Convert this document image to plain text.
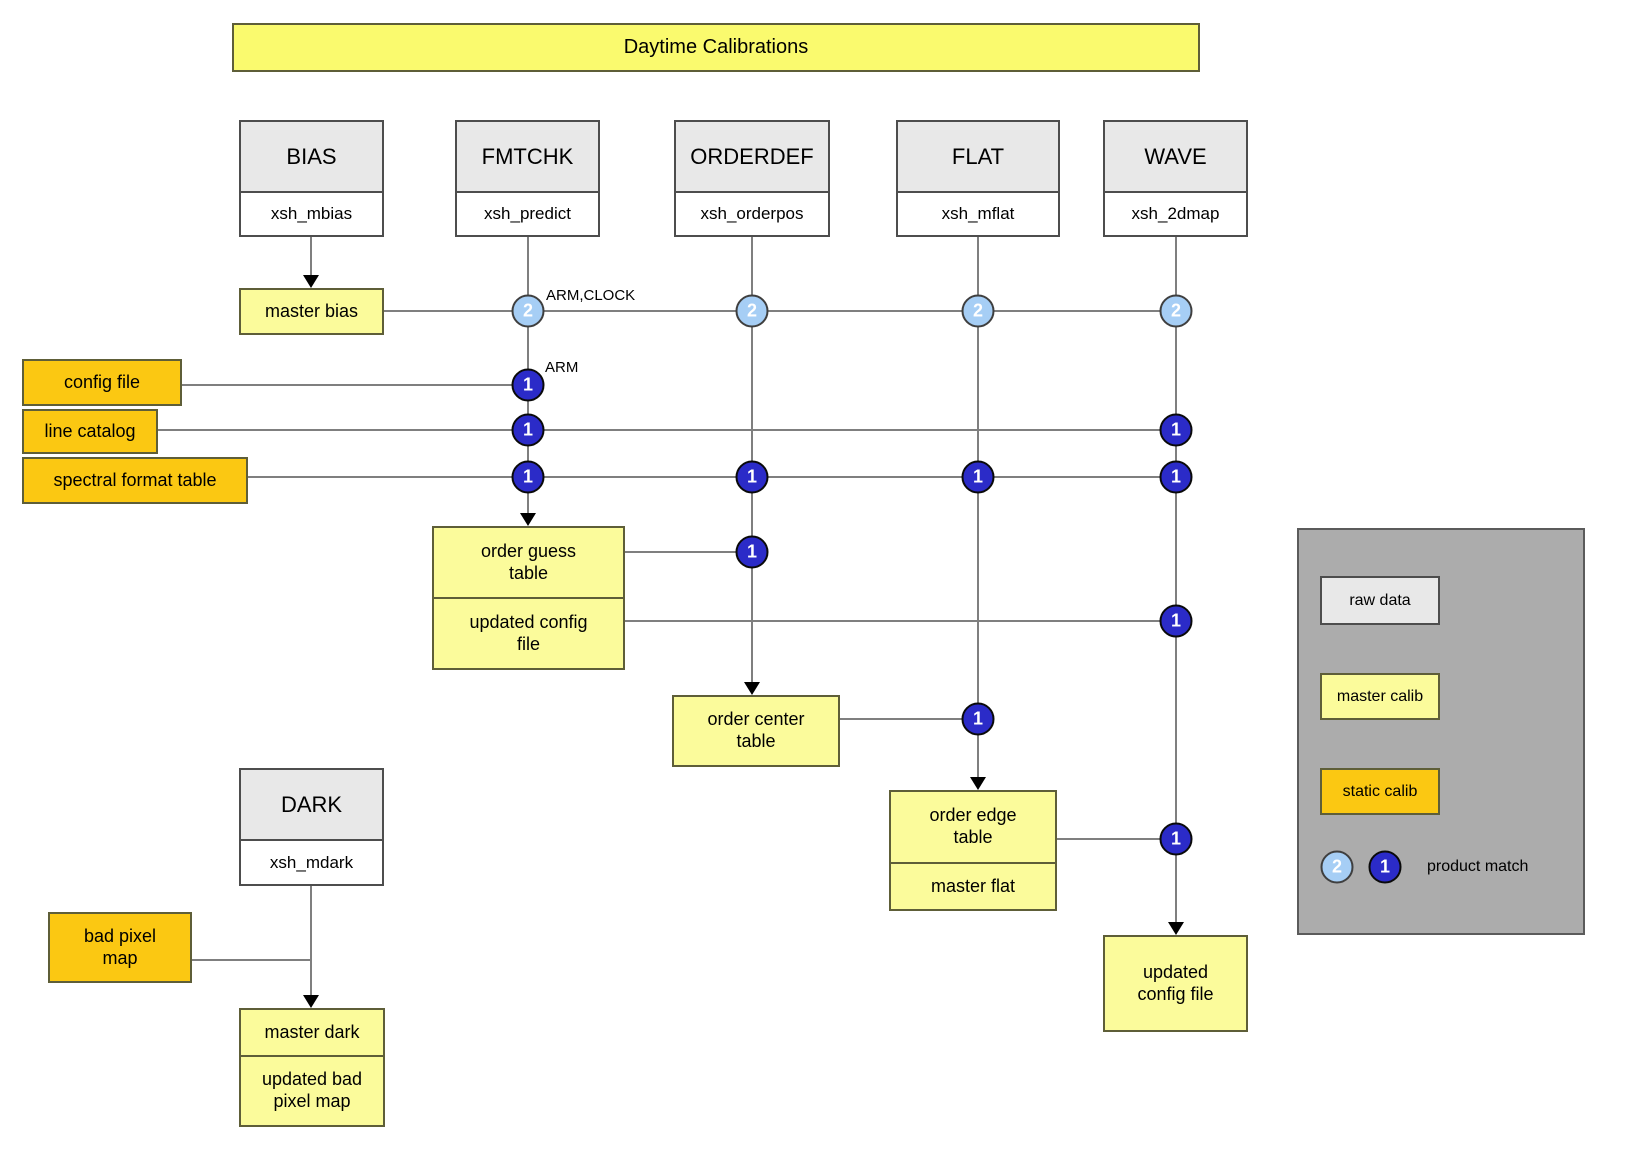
Daytime Calibrations
BIAS
xsh_mbias
FMTCHK
xsh_predict
ORDERDEF
xsh_orderpos
FLAT
xsh_mflat
WAVE
xsh_2dmap
DARK
xsh_mdark
config file
line catalog
spectral format table
bad pixel map
master bias
order guess table
updated config file
order center table
order edge table
master flat
updated config file
master dark
updated bad pixel map
2	2	2	2
1
1	1
1	1	1	1
1
1
1
1
ARM,CLOCK
ARM
raw data
master calib
static calib
2	1	product match
